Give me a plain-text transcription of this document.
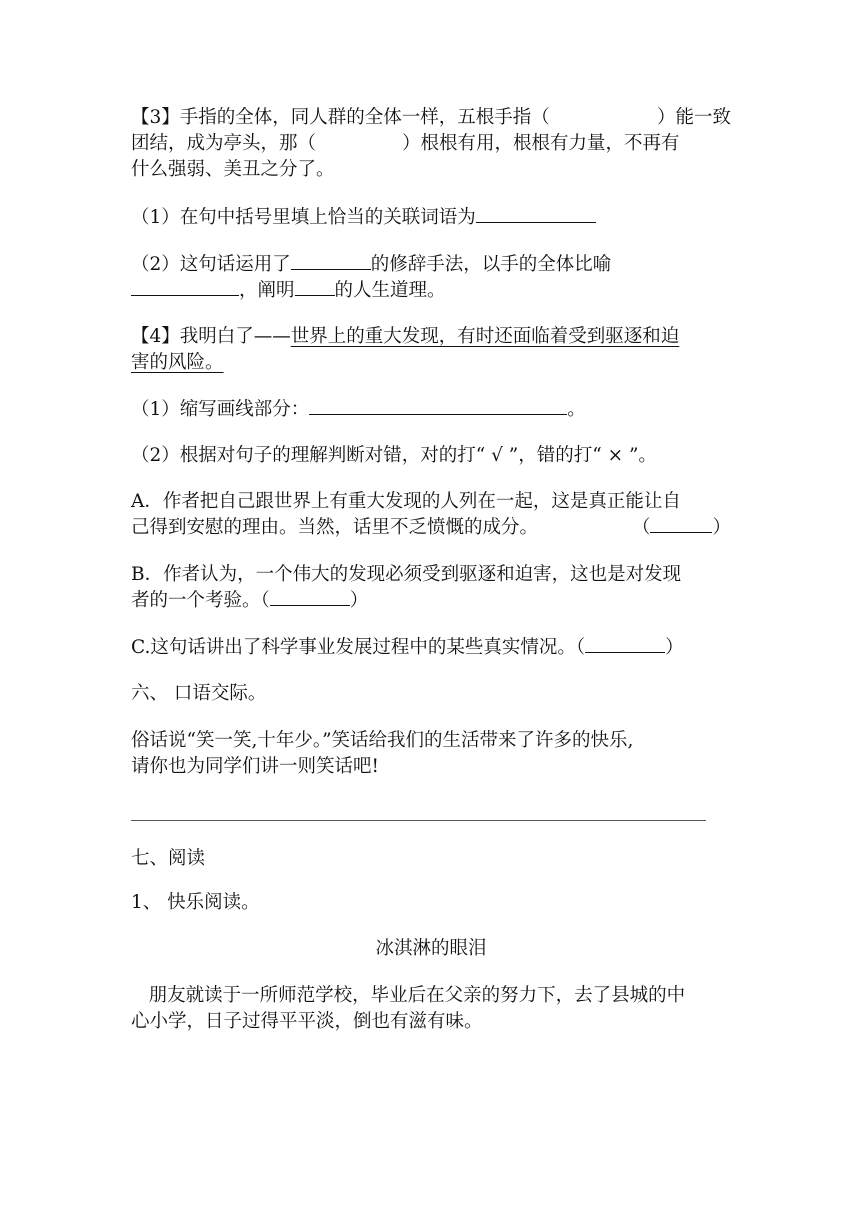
【3】手指的全体，同人群的全体一样，五根手指（	）能一致
团结，成为亭头，那（	）根根有用，根根有力量，不再有
什么强弱、美丑之分了。
（1）在句中括号里填上恰当的关联词语为
（2）这句话运用了	的修辞手法，以手的全体比喻
，阐明 的人生道理。
【4】我明白了——世界上的重大发现，有时还面临着受到驱逐和迫
害的风险。
（1）缩写画线部分：	。
（2）根据对句子的理解判断对错，对的打“ √ ”，错的打“ × ”。
A．作者把自己跟世界上有重大发现的人列在一起，这是真正能让自
己得到安慰的理由。当然，话里不乏愤慨的成分。	（	）
B．作者认为，一个伟大的发现必须受到驱逐和迫害，这也是对发现
者的一个考验。（	）
C.这句话讲出了科学事业发展过程中的某些真实情况。（	）
六、 口语交际。
俗话说“笑一笑,十年少。”笑话给我们的生活带来了许多的快乐,
请你也为同学们讲一则笑话吧!
七、阅读
1、 快乐阅读。
冰淇淋的眼泪
朋友就读于一所师范学校，毕业后在父亲的努力下，去了县城的中
心小学，日子过得平平淡，倒也有滋有味。
